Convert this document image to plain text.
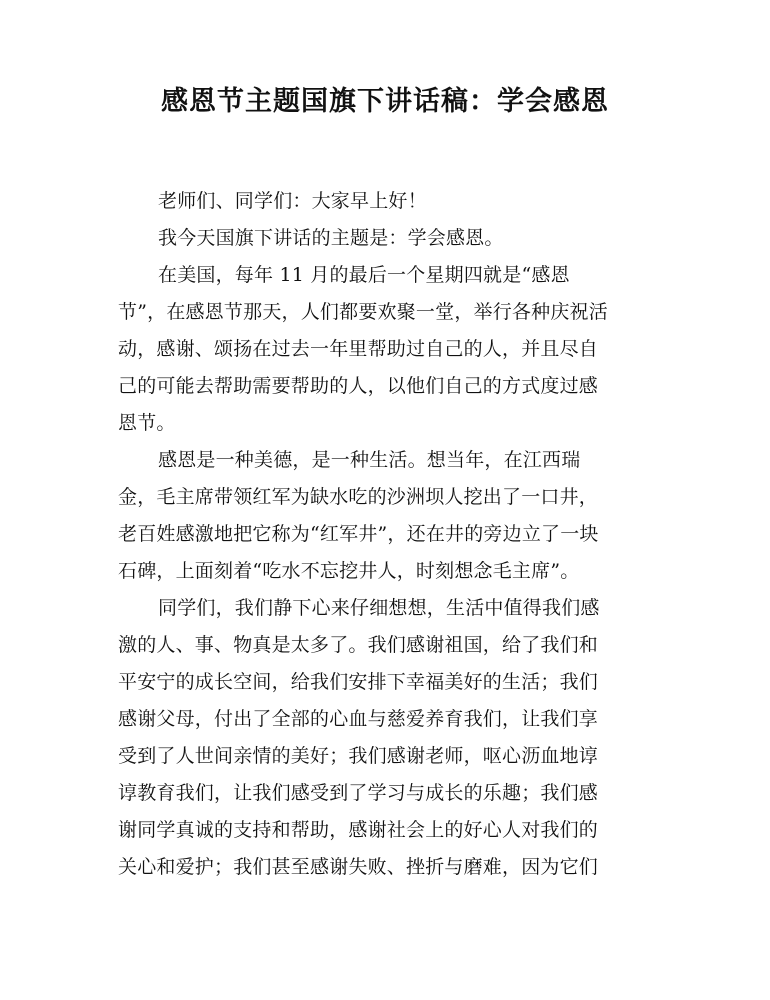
感恩节主题国旗下讲话稿：学会感恩
老师们、同学们：大家早上好！
我今天国旗下讲话的主题是：学会感恩。
在美国，每年 11 月的最后一个星期四就是“感恩
节”，在感恩节那天，人们都要欢聚一堂，举行各种庆祝活
动，感谢、颂扬在过去一年里帮助过自己的人，并且尽自
己的可能去帮助需要帮助的人，以他们自己的方式度过感
恩节。
感恩是一种美德，是一种生活。想当年，在江西瑞
金，毛主席带领红军为缺水吃的沙洲坝人挖出了一口井，
老百姓感激地把它称为“红军井”，还在井的旁边立了一块
石碑，上面刻着“吃水不忘挖井人，时刻想念毛主席”。
同学们，我们静下心来仔细想想，生活中值得我们感
激的人、事、物真是太多了。我们感谢祖国，给了我们和
平安宁的成长空间，给我们安排下幸福美好的生活；我们
感谢父母，付出了全部的心血与慈爱养育我们，让我们享
受到了人世间亲情的美好；我们感谢老师，呕心沥血地谆
谆教育我们，让我们感受到了学习与成长的乐趣；我们感
谢同学真诚的支持和帮助，感谢社会上的好心人对我们的
关心和爱护；我们甚至感谢失败、挫折与磨难，因为它们
